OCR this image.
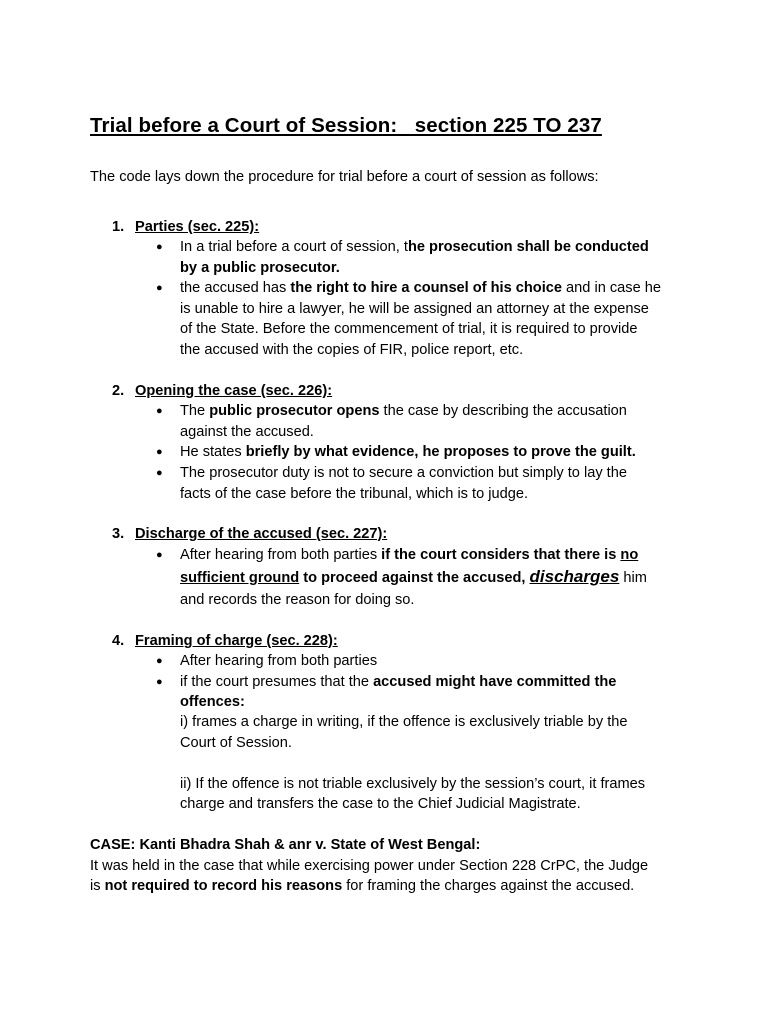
Trial before a Court of Session:   section 225 TO 237
The code lays down the procedure for trial before a court of session as follows:
1. Parties (sec. 225):
● In a trial before a court of session, the prosecution shall be conducted
by a public prosecutor.
● the accused has the right to hire a counsel of his choice and in case he
is unable to hire a lawyer, he will be assigned an attorney at the expense
of the State. Before the commencement of trial, it is required to provide
the accused with the copies of FIR, police report, etc.
2. Opening the case (sec. 226):
● The public prosecutor opens the case by describing the accusation
against the accused.
● He states briefly by what evidence, he proposes to prove the guilt.
● The prosecutor duty is not to secure a conviction but simply to lay the
facts of the case before the tribunal, which is to judge.
3. Discharge of the accused (sec. 227):
● After hearing from both parties if the court considers that there is no
sufficient ground to proceed against the accused, discharges him
and records the reason for doing so.
4. Framing of charge (sec. 228):
● After hearing from both parties
● if the court presumes that the accused might have committed the
offences:
i) frames a charge in writing, if the offence is exclusively triable by the
Court of Session.
ii) If the offence is not triable exclusively by the session’s court, it frames
charge and transfers the case to the Chief Judicial Magistrate.
CASE: Kanti Bhadra Shah & anr v. State of West Bengal:
It was held in the case that while exercising power under Section 228 CrPC, the Judge
is not required to record his reasons for framing the charges against the accused.
